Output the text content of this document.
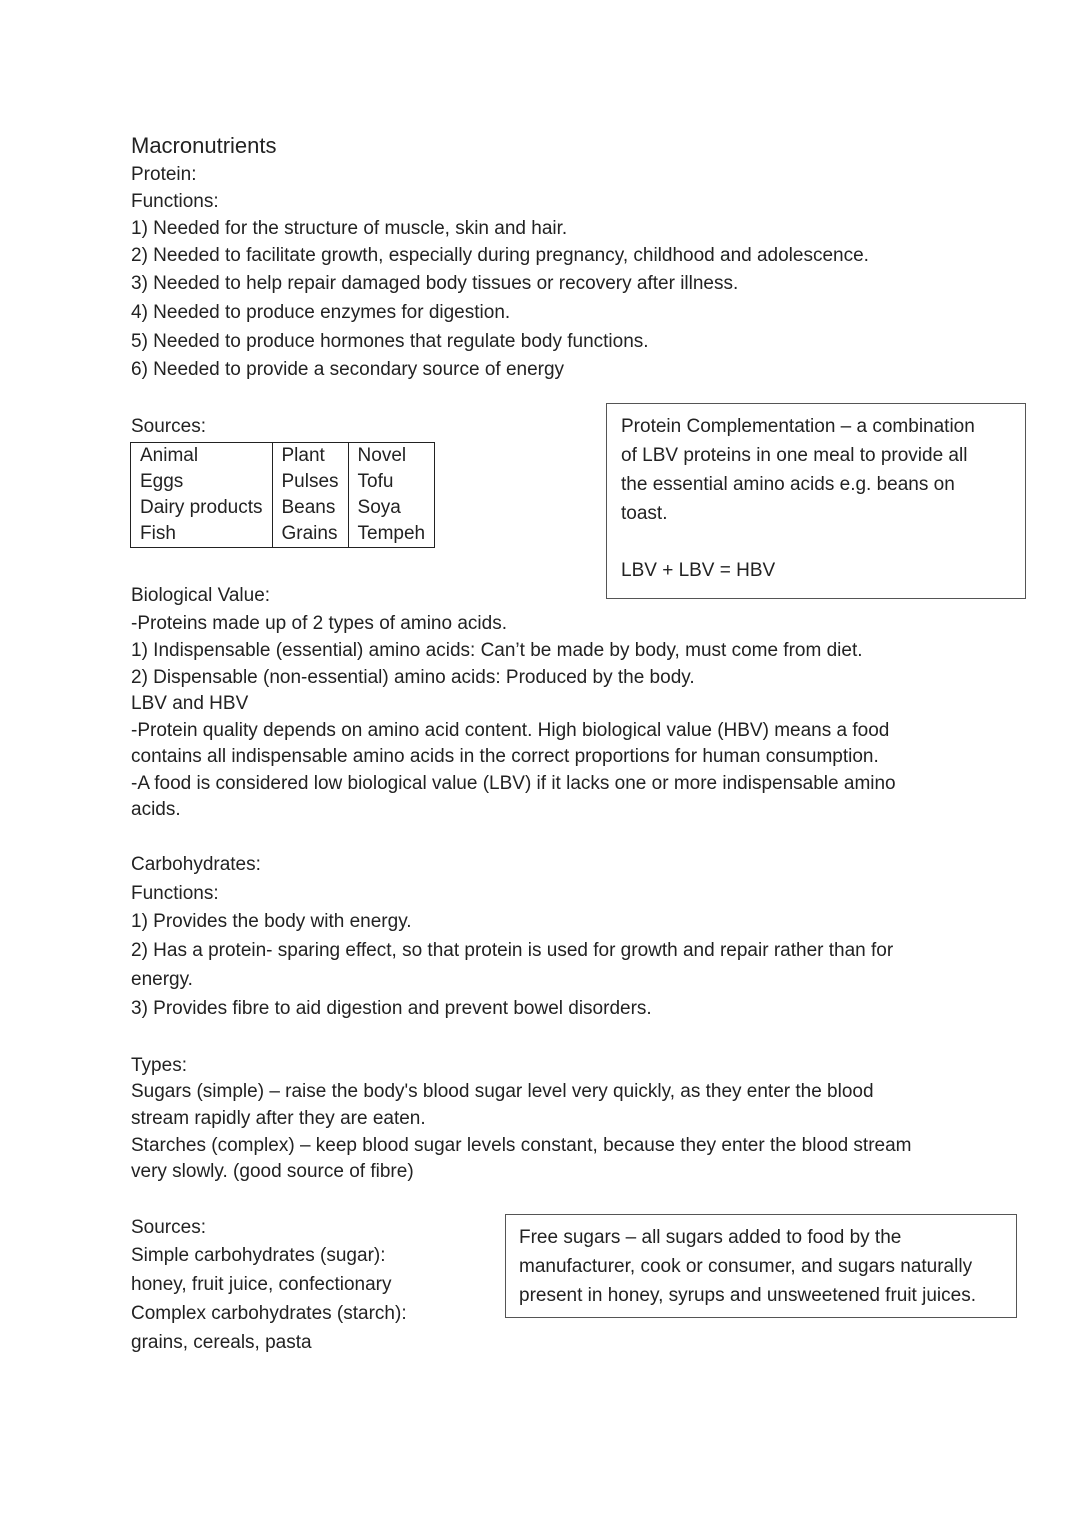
Macronutrients
Protein:
Functions:
1) Needed for the structure of muscle, skin and hair.
2) Needed to facilitate growth, especially during pregnancy, childhood and adolescence.
3) Needed to help repair damaged body tissues or recovery after illness.
4) Needed to produce enzymes for digestion.
5) Needed to produce hormones that regulate body functions.
6) Needed to provide a secondary source of energy
Sources:
Animal	Plant	Novel
Eggs	Pulses	Tofu
Dairy products	Beans	Soya
Fish	Grains	Tempeh

Protein Complementation – a combination

of LBV proteins in one meal to provide all

the essential amino acids e.g. beans on

toast.

LBV + LBV = HBV

Biological Value:
-Proteins made up of 2 types of amino acids.
1) Indispensable (essential) amino acids: Can’t be made by body, must come from diet.
2) Dispensable (non-essential) amino acids: Produced by the body.
LBV and HBV
-Protein quality depends on amino acid content. High biological value (HBV) means a food
contains all indispensable amino acids in the correct proportions for human consumption.
-A food is considered low biological value (LBV) if it lacks one or more indispensable amino
acids.
Carbohydrates:
Functions:
1) Provides the body with energy.
2) Has a protein- sparing effect, so that protein is used for growth and repair rather than for
energy.
3) Provides fibre to aid digestion and prevent bowel disorders.
Types:
Sugars (simple) – raise the body's blood sugar level very quickly, as they enter the blood
stream rapidly after they are eaten.
Starches (complex) – keep blood sugar levels constant, because they enter the blood stream
very slowly. (good source of fibre)
Sources:
Simple carbohydrates (sugar):
honey, fruit juice, confectionary
Complex carbohydrates (starch):
grains, cereals, pasta

Free sugars – all sugars added to food by the

manufacturer, cook or consumer, and sugars naturally

present in honey, syrups and unsweetened fruit juices.
